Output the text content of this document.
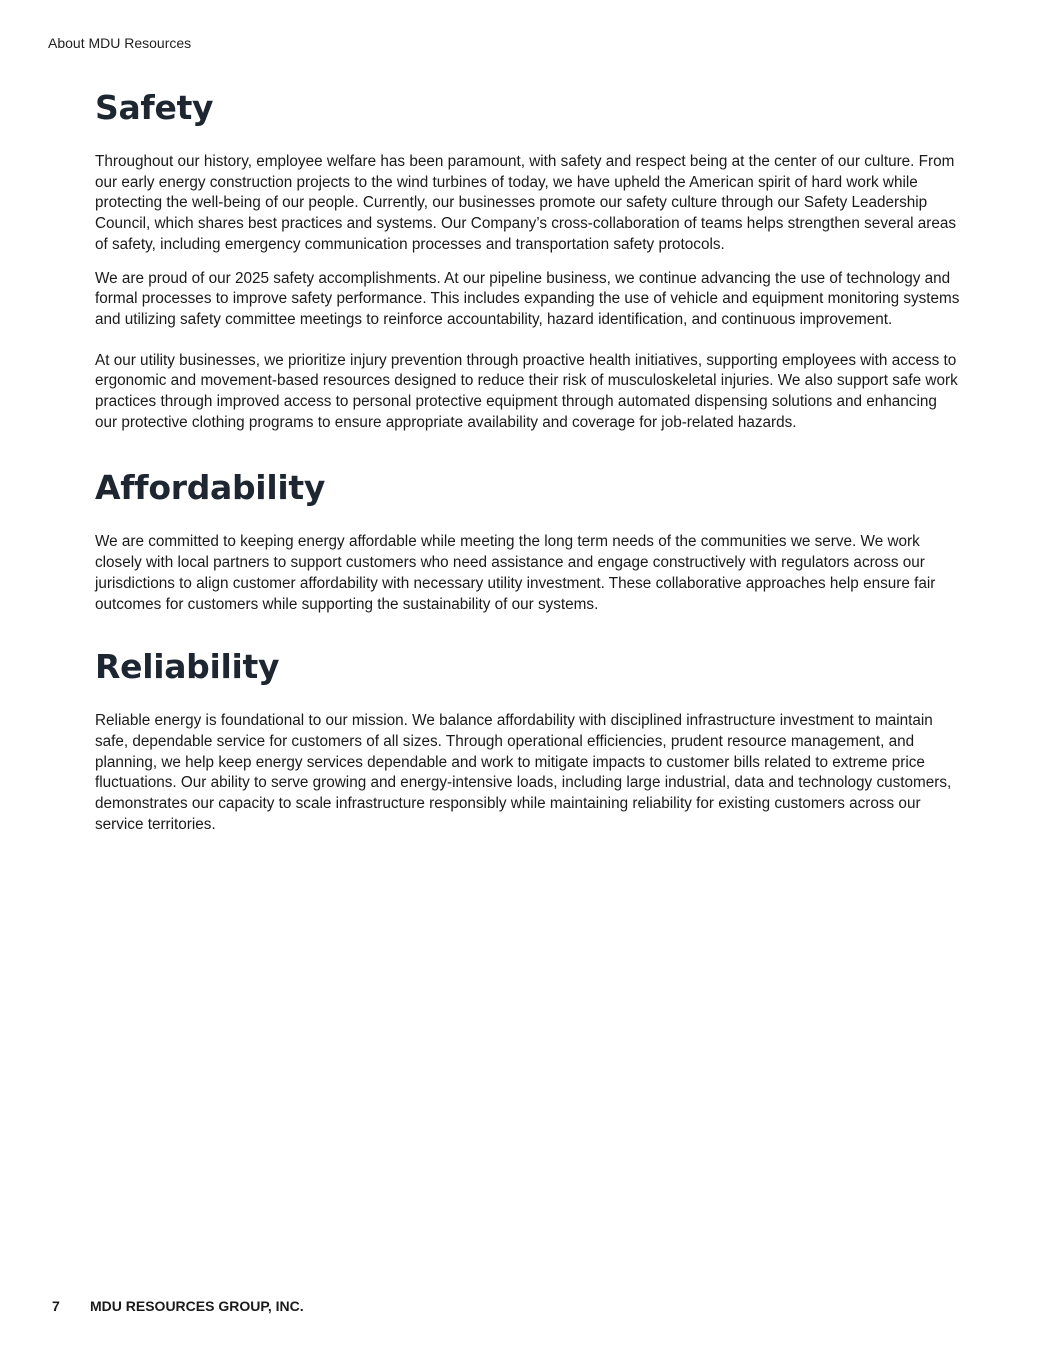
About MDU Resources
Safety

Throughout our history, employee welfare has been paramount, with safety and respect being at the center of our culture. From our early energy construction projects to the wind turbines of today, we have upheld the American spirit of hard work while protecting the well-being of our people. Currently, our businesses promote our safety culture through our Safety Leadership Council, which shares best practices and systems. Our Company’s cross-collaboration of teams helps strengthen several areas of safety, including emergency communication processes and transportation safety protocols.

We are proud of our 2025 safety accomplishments. At our pipeline business, we continue advancing the use of technology and formal processes to improve safety performance. This includes expanding the use of vehicle and equipment monitoring systems and utilizing safety committee meetings to reinforce accountability, hazard identification, and continuous improvement.

At our utility businesses, we prioritize injury prevention through proactive health initiatives, supporting employees with access to ergonomic and movement-based resources designed to reduce their risk of musculoskeletal injuries. We also support safe work practices through improved access to personal protective equipment through automated dispensing solutions and enhancing our protective clothing programs to ensure appropriate availability and coverage for job-related hazards.

Affordability

We are committed to keeping energy affordable while meeting the long term needs of the communities we serve. We work closely with local partners to support customers who need assistance and engage constructively with regulators across our jurisdictions to align customer affordability with necessary utility investment. These collaborative approaches help ensure fair outcomes for customers while supporting the sustainability of our systems.

Reliability

Reliable energy is foundational to our mission. We balance affordability with disciplined infrastructure investment to maintain safe, dependable service for customers of all sizes. Through operational efficiencies, prudent resource management, and planning, we help keep energy services dependable and work to mitigate impacts to customer bills related to extreme price fluctuations. Our ability to serve growing and energy-intensive loads, including large industrial, data and technology customers, demonstrates our capacity to scale infrastructure responsibly while maintaining reliability for existing customers across our service territories.

7 MDU RESOURCES GROUP, INC.
